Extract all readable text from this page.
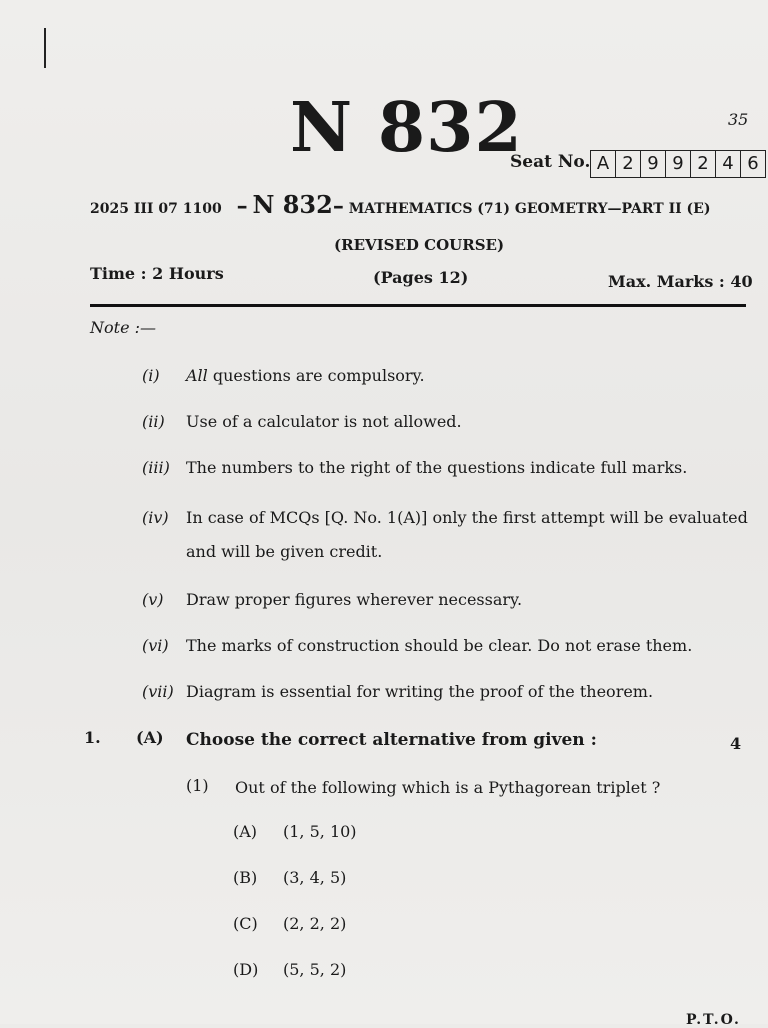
35
N 832
Seat No. A 2 9 9 2 4 6
2025 III 07 1100 – N 832– MATHEMATICS (71) GEOMETRY—PART II (E)
(REVISED COURSE)
Time : 2 Hours	(Pages 12)	Max. Marks : 40
Note :—
(i) All questions are compulsory.
(ii) Use of a calculator is not allowed.
(iii) The numbers to the right of the questions indicate full marks.
(iv) In case of MCQs [Q. No. 1(A)] only the first attempt will be evaluated
and will be given credit.
(v) Draw proper figures wherever necessary.
(vi) The marks of construction should be clear. Do not erase them.
(vii) Diagram is essential for writing the proof of the theorem.
1. (A) Choose the correct alternative from given :	4
(1) Out of the following which is a Pythagorean triplet ?
(A) (1, 5, 10)
(B) (3, 4, 5)
(C) (2, 2, 2)
(D) (5, 5, 2)
P.T.O.
